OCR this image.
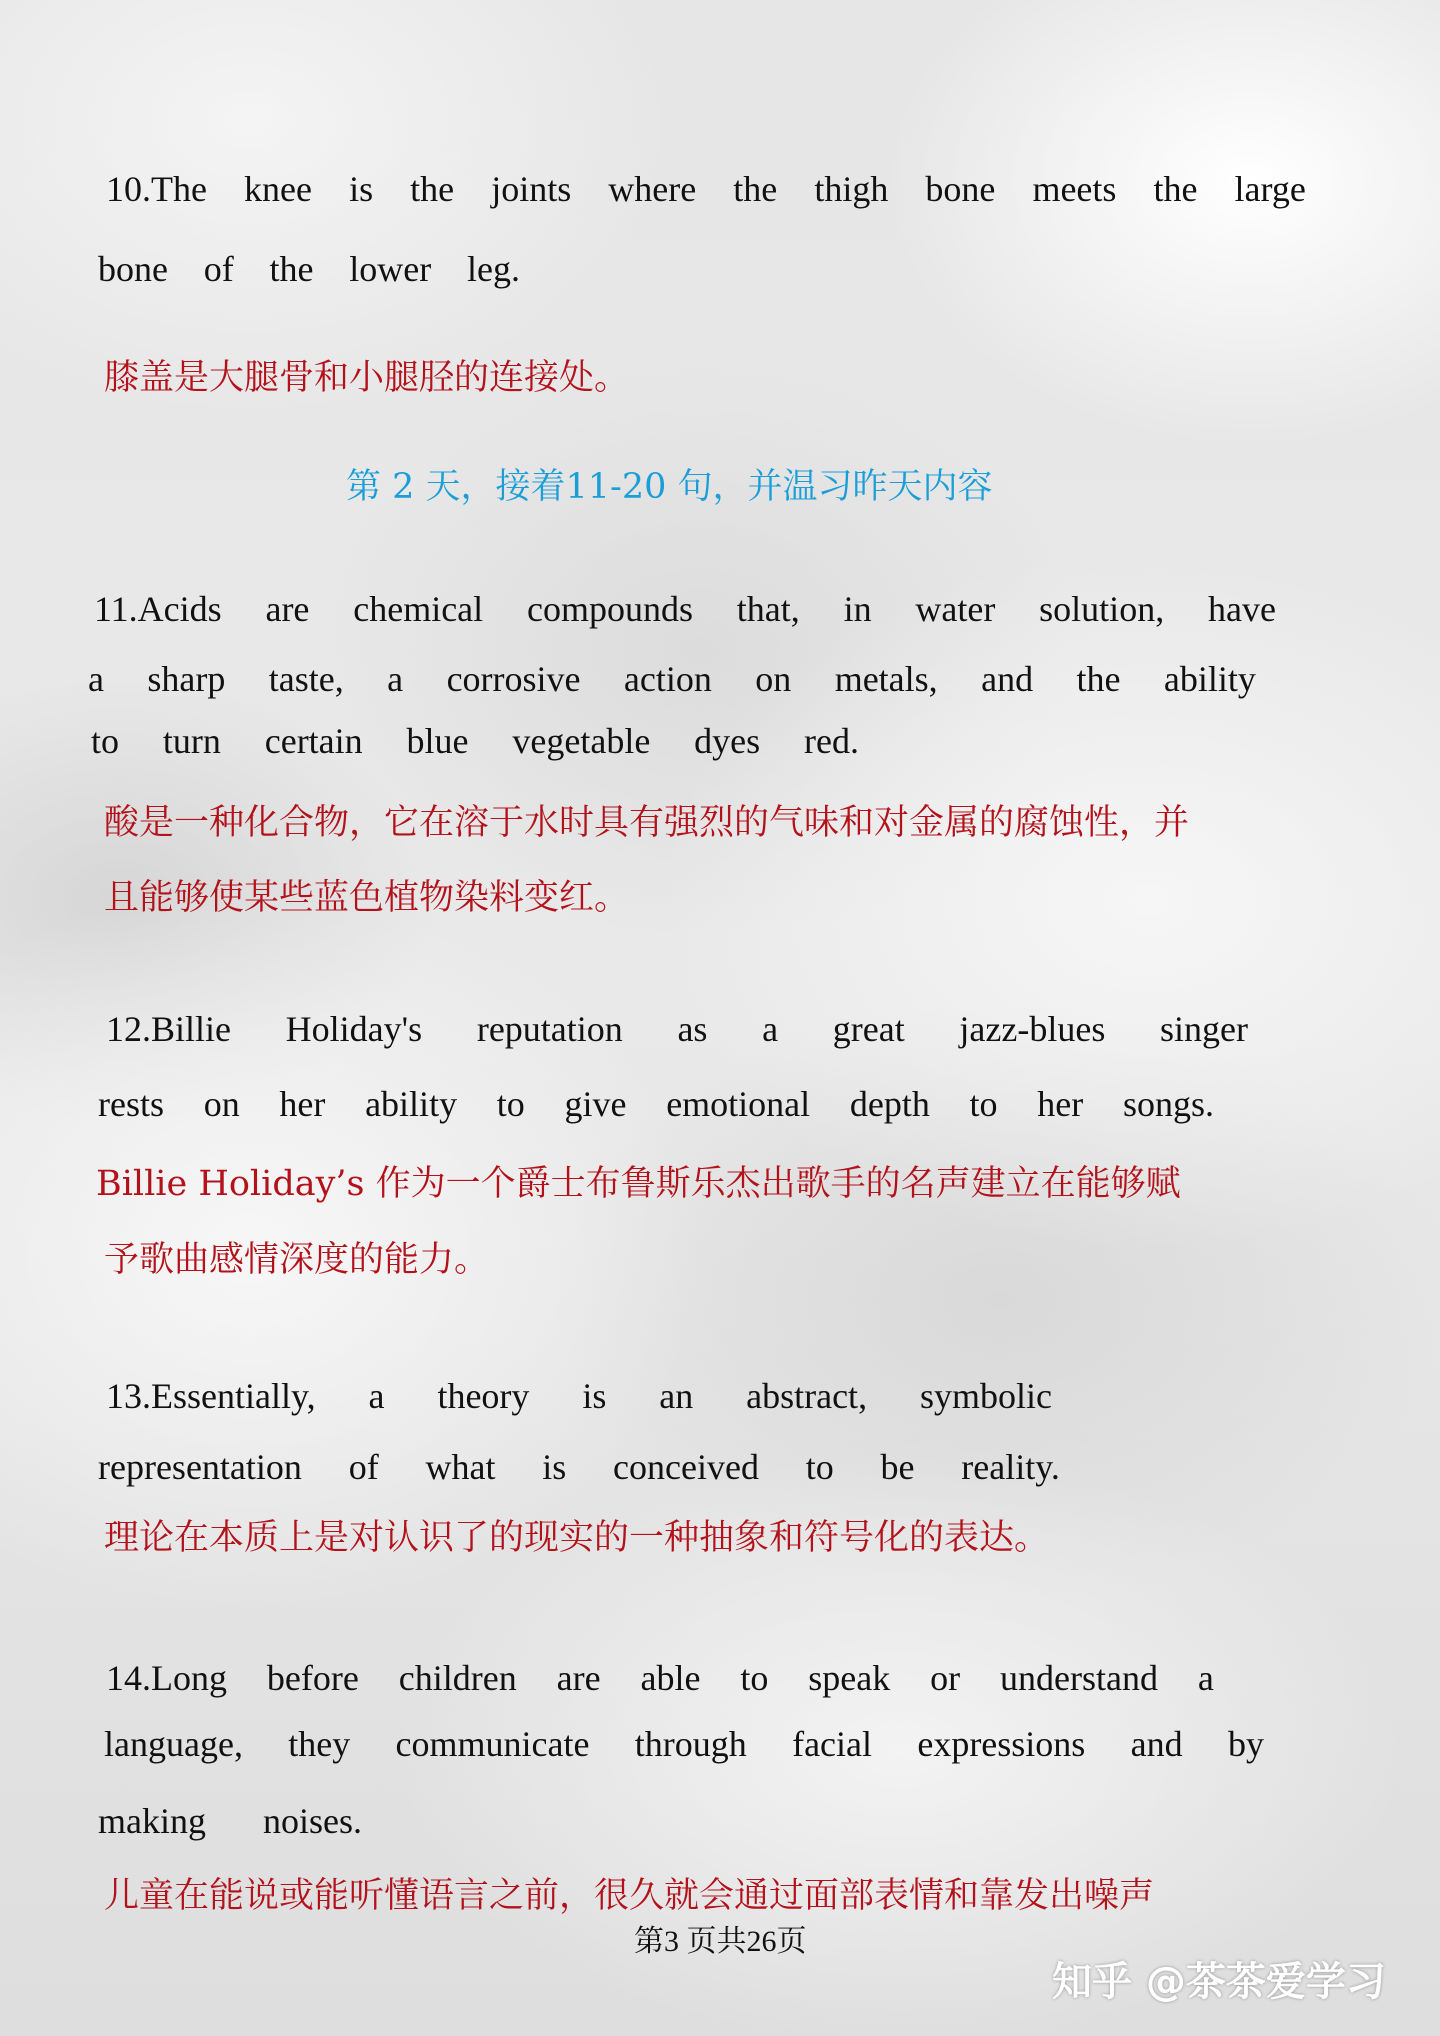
10.The knee is the joints where the thigh bone meets the large
bone of the lower leg.
膝盖是大腿骨和小腿胫的连接处。
第 2 天，接着11-20 句，并温习昨天内容
11.Acids are chemical compounds that, in water solution, have
a sharp taste, a corrosive action on metals, and the ability
to turn certain blue vegetable dyes red.
酸是一种化合物，它在溶于水时具有强烈的气味和对金属的腐蚀性，并
且能够使某些蓝色植物染料变红。
12.Billie Holiday's reputation as a great jazz-blues singer
rests on her ability to give emotional depth to her songs.
Billie Holiday’s 作为一个爵士布鲁斯乐杰出歌手的名声建立在能够赋
予歌曲感情深度的能力。
13.Essentially, a theory is an abstract, symbolic
representation of what is conceived to be reality.
理论在本质上是对认识了的现实的一种抽象和符号化的表达。
14.Long before children are able to speak or understand a
language, they communicate through facial expressions and by
making noises.
儿童在能说或能听懂语言之前，很久就会通过面部表情和靠发出噪声
第3 页共26页
知乎 @茶茶爱学习
